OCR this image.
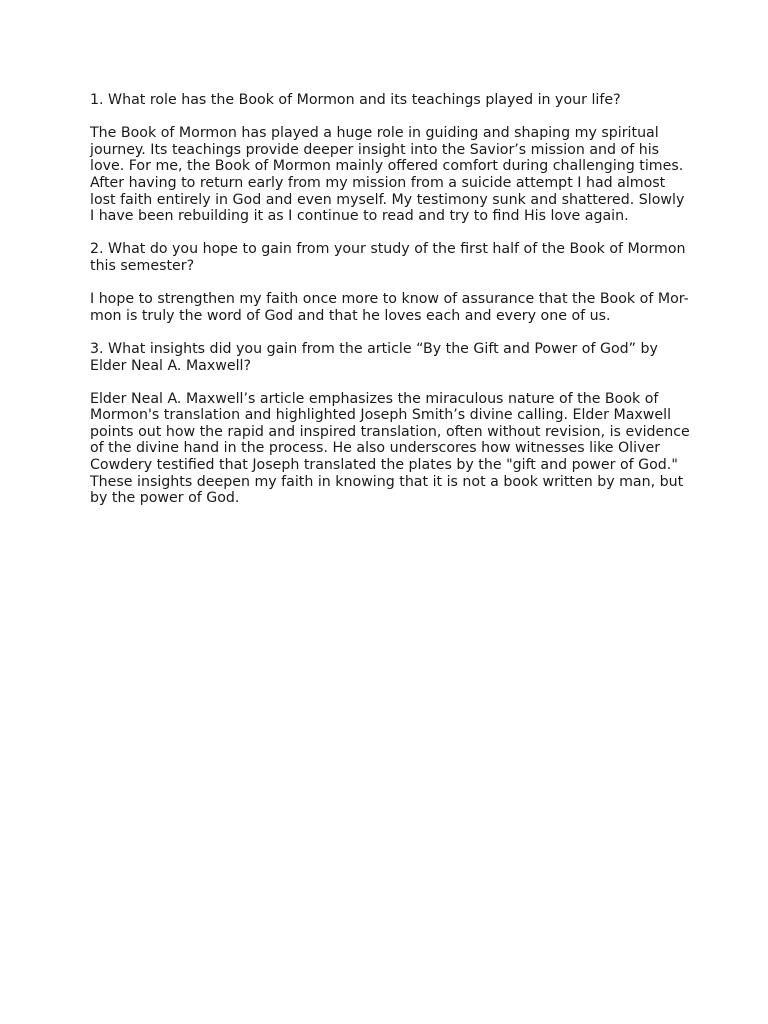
1. What role has the Book of Mormon and its teachings played in your life?

The Book of Mormon has played a huge role in guiding and shaping my spiritual
journey. Its teachings provide deeper insight into the Savior’s mission and of his
love. For me, the Book of Mormon mainly offered comfort during challenging times.
After having to return early from my mission from a suicide attempt I had almost
lost faith entirely in God and even myself. My testimony sunk and shattered. Slowly
I have been rebuilding it as I continue to read and try to find His love again.

2. What do you hope to gain from your study of the first half of the Book of Mormon
this semester?

I hope to strengthen my faith once more to know of assurance that the Book of Mor-
mon is truly the word of God and that he loves each and every one of us.

3. What insights did you gain from the article “By the Gift and Power of God” by
Elder Neal A. Maxwell?

Elder Neal A. Maxwell’s article emphasizes the miraculous nature of the Book of
Mormon's translation and highlighted Joseph Smith’s divine calling. Elder Maxwell
points out how the rapid and inspired translation, often without revision, is evidence
of the divine hand in the process. He also underscores how witnesses like Oliver
Cowdery testified that Joseph translated the plates by the "gift and power of God."
These insights deepen my faith in knowing that it is not a book written by man, but
by the power of God.
